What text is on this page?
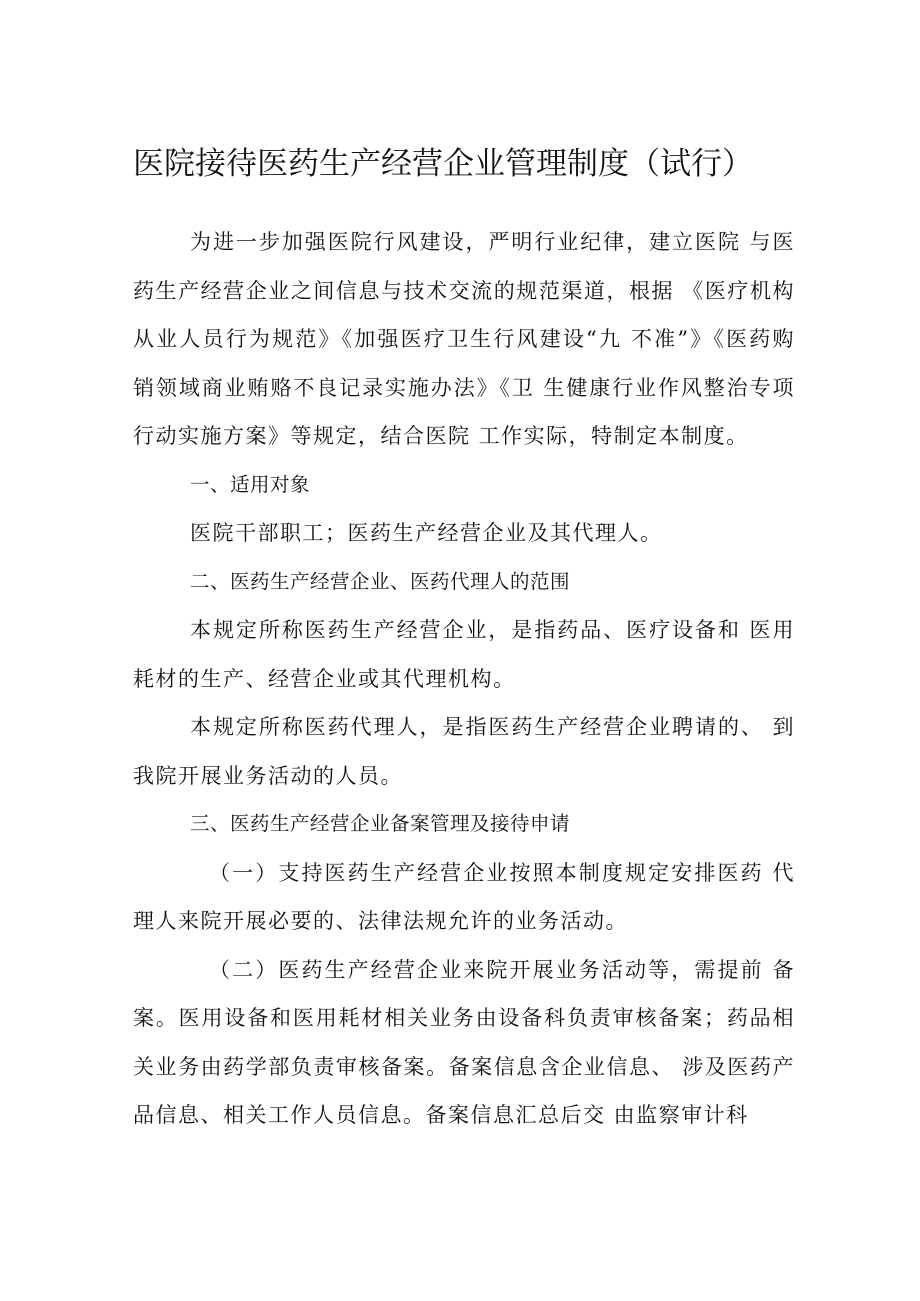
医院接待医药生产经营企业管理制度（试行）

为进一步加强医院行风建设，严明行业纪律，建立医院 与医药生产经营企业之间信息与技术交流的规范渠道，根据 《医疗机构从业人员行为规范》《加强医疗卫生行风建设“九 不准”》《医药购销领域商业贿赂不良记录实施办法》《卫 生健康行业作风整治专项行动实施方案》等规定，结合医院 工作实际，特制定本制度。

一、适用对象

医院干部职工；医药生产经营企业及其代理人。

二、医药生产经营企业、医药代理人的范围

本规定所称医药生产经营企业，是指药品、医疗设备和 医用耗材的生产、经营企业或其代理机构。

本规定所称医药代理人，是指医药生产经营企业聘请的、 到我院开展业务活动的人员。

三、医药生产经营企业备案管理及接待申请

（一）支持医药生产经营企业按照本制度规定安排医药 代理人来院开展必要的、法律法规允许的业务活动。

（二）医药生产经营企业来院开展业务活动等，需提前 备案。医用设备和医用耗材相关业务由设备科负责审核备案；药品相关业务由药学部负责审核备案。备案信息含企业信息、 涉及医药产品信息、相关工作人员信息。备案信息汇总后交 由监察审计科
